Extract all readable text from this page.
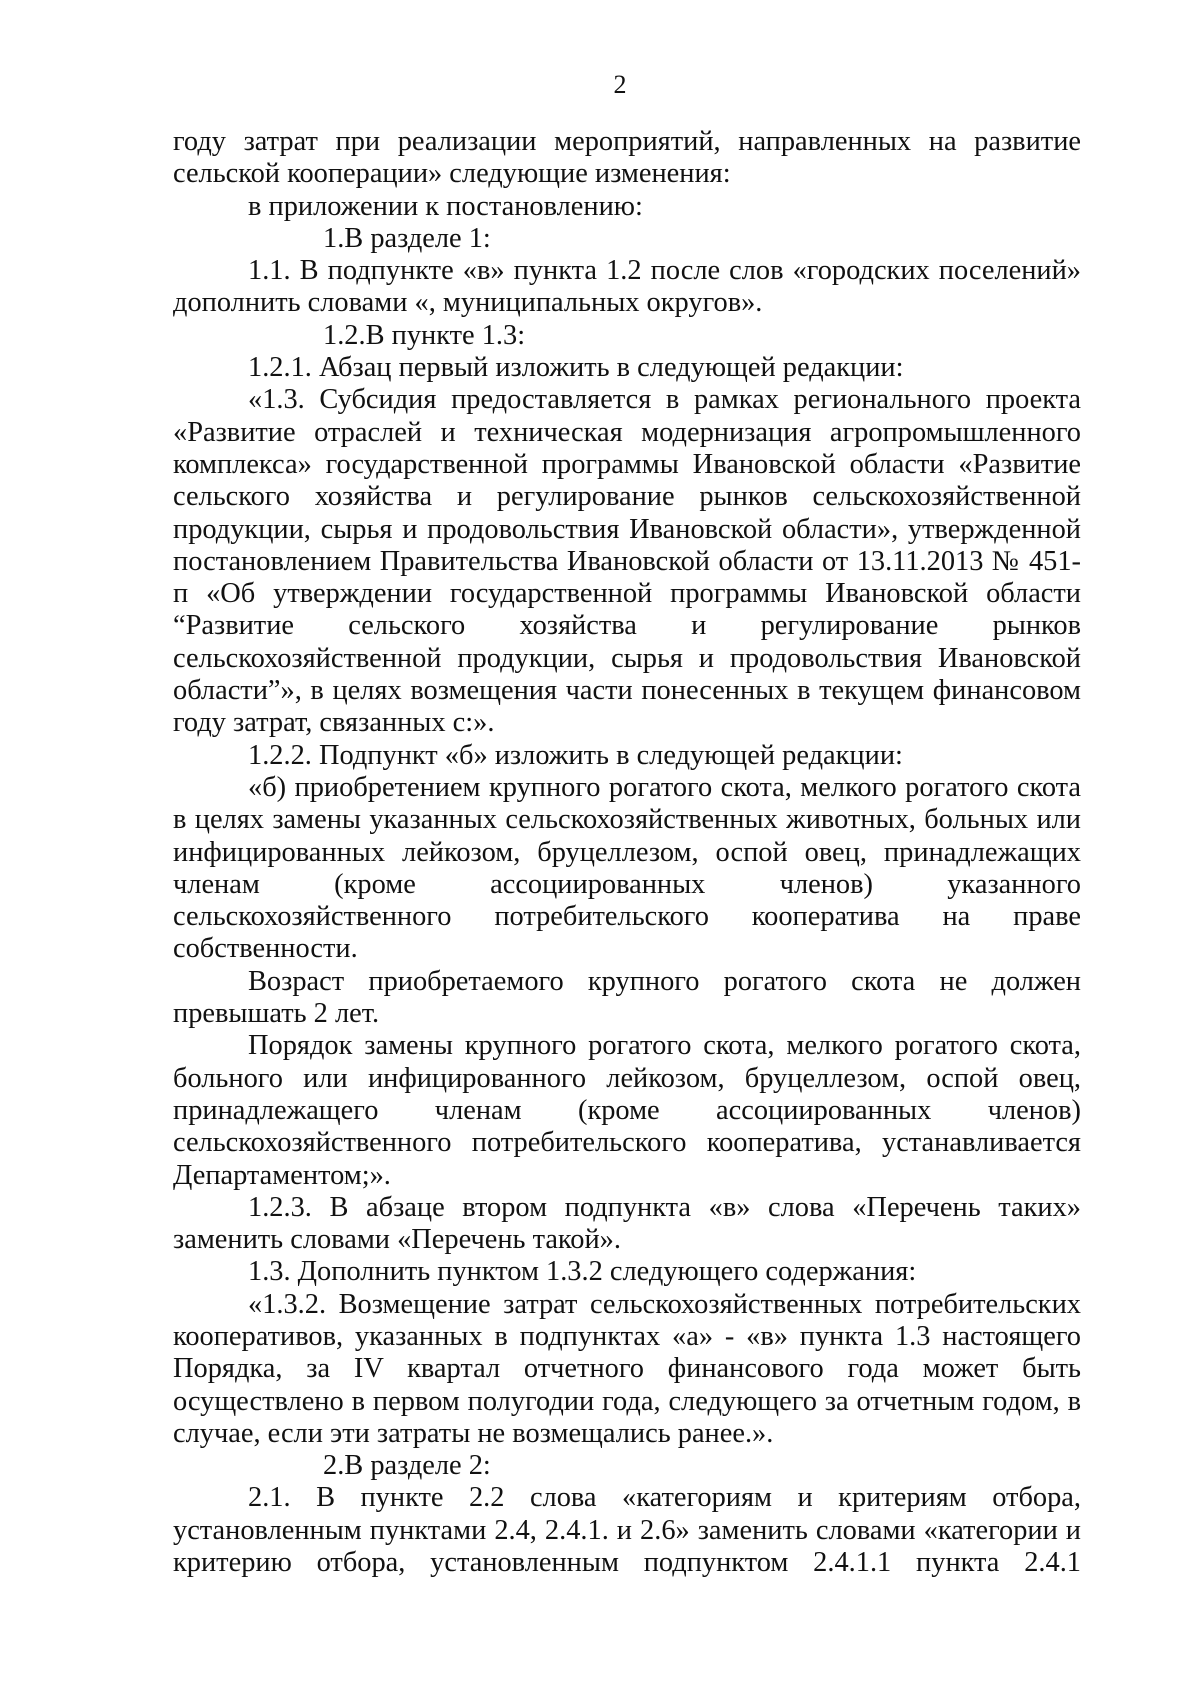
2

году затрат при реализации мероприятий, направленных на развитие сельской кооперации» следующие изменения:

в приложении к постановлению:

1.В разделе 1:

1.1. В подпункте «в» пункта 1.2 после слов «городских поселений» дополнить словами «, муниципальных округов».

1.2.В пункте 1.3:

1.2.1. Абзац первый изложить в следующей редакции:

«1.3. Субсидия предоставляется в рамках регионального проекта «Развитие отраслей и техническая модернизация агропромышленного комплекса» государственной программы Ивановской области «Развитие сельского хозяйства и регулирование рынков сельскохозяйственной продукции, сырья и продовольствия Ивановской области», утвержденной постановлением Правительства Ивановской области от 13.11.2013 № 451-п «Об утверждении государственной программы Ивановской области “Развитие сельского хозяйства и регулирование рынков сельскохозяйственной продукции, сырья и продовольствия Ивановской области”», в целях возмещения части понесенных в текущем финансовом году затрат, связанных с:».

1.2.2. Подпункт «б» изложить в следующей редакции:

«б) приобретением крупного рогатого скота, мелкого рогатого скота в целях замены указанных сельскохозяйственных животных, больных или инфицированных лейкозом, бруцеллезом, оспой овец, принадлежащих членам (кроме ассоциированных членов) указанного сельскохозяйственного потребительского кооператива на праве собственности.

Возраст приобретаемого крупного рогатого скота не должен превышать 2 лет.

Порядок замены крупного рогатого скота, мелкого рогатого скота, больного или инфицированного лейкозом, бруцеллезом, оспой овец, принадлежащего членам (кроме ассоциированных членов) сельскохозяйственного потребительского кооператива, устанавливается Департаментом;».

1.2.3. В абзаце втором подпункта «в» слова «Перечень таких» заменить словами «Перечень такой».

1.3. Дополнить пунктом 1.3.2 следующего содержания:

«1.3.2. Возмещение затрат сельскохозяйственных потребительских кооперативов, указанных в подпунктах «а» - «в» пункта 1.3 настоящего Порядка, за IV квартал отчетного финансового года может быть осуществлено в первом полугодии года, следующего за отчетным годом, в случае, если эти затраты не возмещались ранее.».

2.В разделе 2:

2.1. В пункте 2.2 слова «категориям и критериям отбора, установленным пунктами 2.4, 2.4.1. и 2.6» заменить словами «категории и критерию отбора, установленным подпунктом 2.4.1.1 пункта 2.4.1
